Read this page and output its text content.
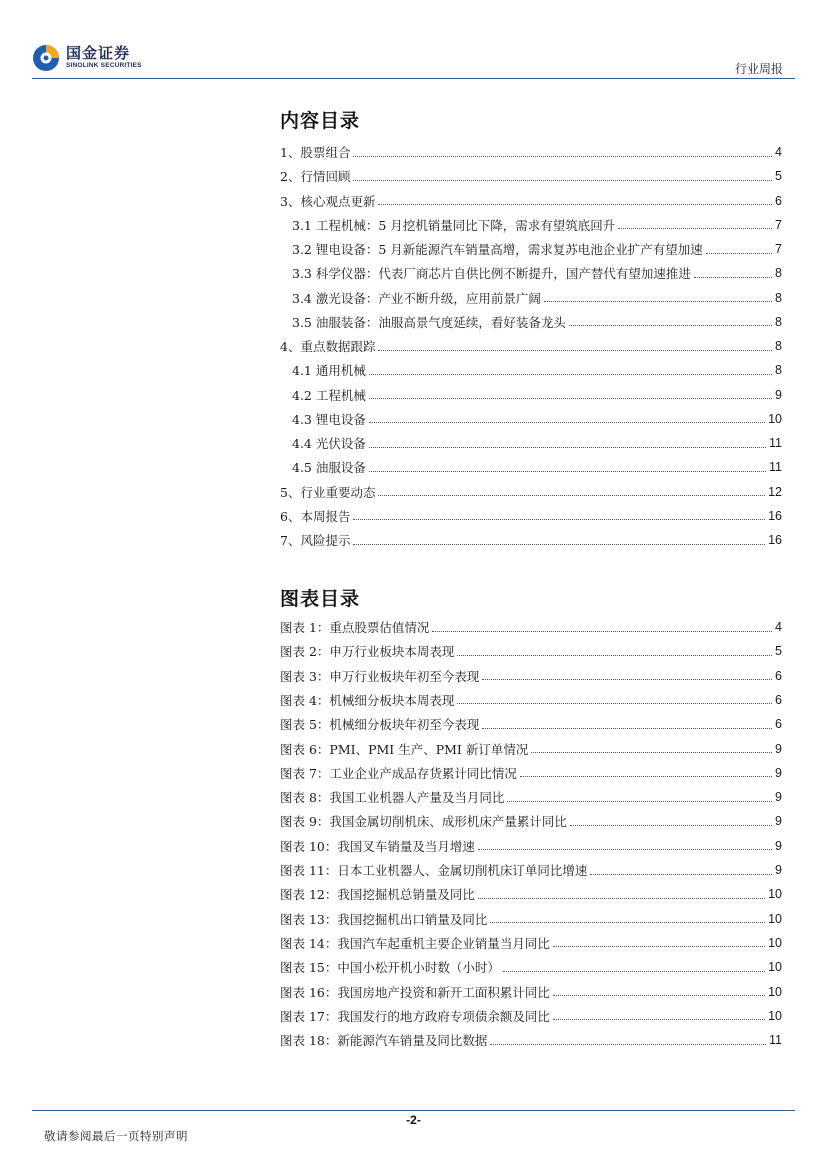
国金证券
SINOLINK SECURITIES	行业周报
内容目录
1、股票组合	4
2、行情回顾	5
3、核心观点更新	6
3.1 工程机械：5 月挖机销量同比下降，需求有望筑底回升	7
3.2 锂电设备：5 月新能源汽车销量高增，需求复苏电池企业扩产有望加速	7
3.3 科学仪器：代表厂商芯片自供比例不断提升，国产替代有望加速推进	8
3.4 激光设备：产业不断升级，应用前景广阔	8
3.5 油服装备：油服高景气度延续，看好装备龙头	8
4、重点数据跟踪	8
4.1 通用机械	8
4.2 工程机械	9
4.3 锂电设备	10
4.4 光伏设备	11
4.5 油服设备	11
5、行业重要动态	12
6、本周报告	16
7、风险提示	16
图表目录
图表 1：重点股票估值情况	4
图表 2：申万行业板块本周表现	5
图表 3：申万行业板块年初至今表现	6
图表 4：机械细分板块本周表现	6
图表 5：机械细分板块年初至今表现	6
图表 6：PMI、PMI 生产、PMI 新订单情况	9
图表 7：工业企业产成品存货累计同比情况	9
图表 8：我国工业机器人产量及当月同比	9
图表 9：我国金属切削机床、成形机床产量累计同比	9
图表 10：我国叉车销量及当月增速	9
图表 11：日本工业机器人、金属切削机床订单同比增速	9
图表 12：我国挖掘机总销量及同比	10
图表 13：我国挖掘机出口销量及同比	10
图表 14：我国汽车起重机主要企业销量当月同比	10
图表 15：中国小松开机小时数（小时）	10
图表 16：我国房地产投资和新开工面积累计同比	10
图表 17：我国发行的地方政府专项债余额及同比	10
图表 18：新能源汽车销量及同比数据	11
-2-
敬请参阅最后一页特别声明
